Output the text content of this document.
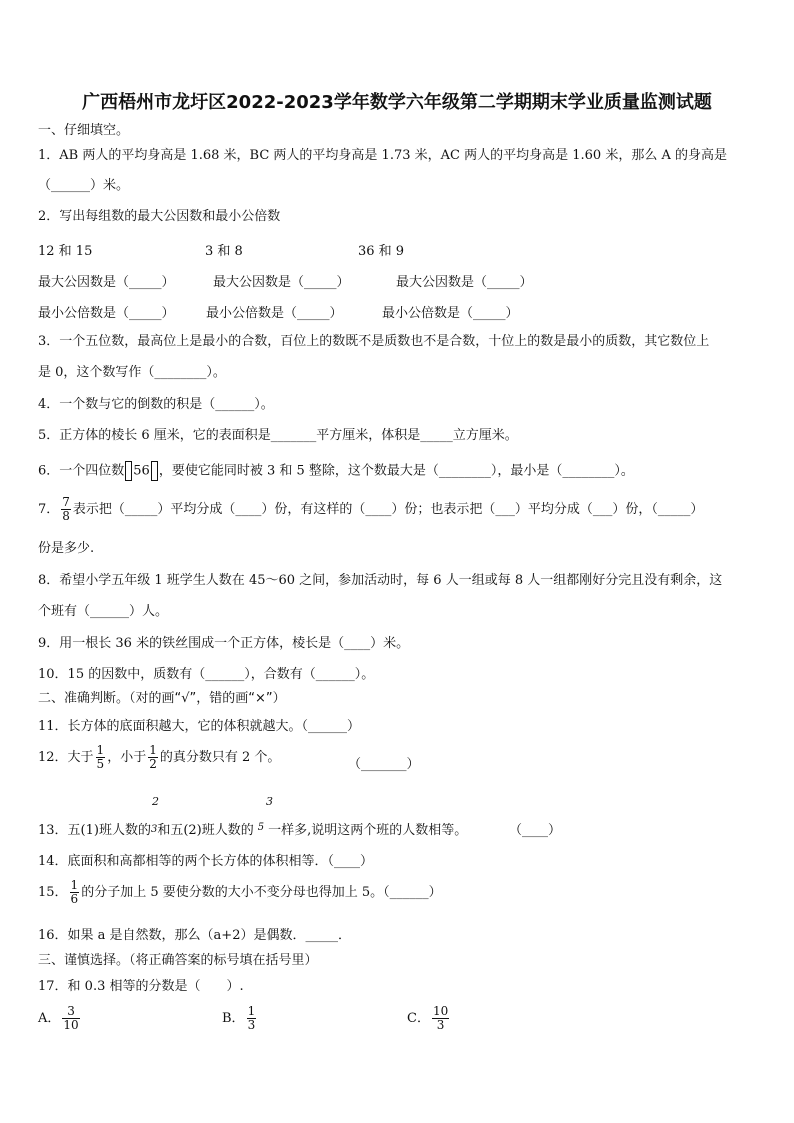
广西梧州市龙圩区2022-2023学年数学六年级第二学期期末学业质量监测试题
一、仔细填空。
1．AB 两人的平均身高是 1.68 米，BC 两人的平均身高是 1.73 米，AC 两人的平均身高是 1.60 米，那么 A 的身高是
（______）米。
2．写出每组数的最大公因数和最小公倍数
12 和 15	3 和 8	36 和 9
最大公因数是（_____）	最大公因数是（_____）	最大公因数是（_____）
最小公倍数是（_____） 最小公倍数是（_____）	最小公倍数是（_____）
3．一个五位数，最高位上是最小的合数，百位上的数既不是质数也不是合数，十位上的数是最小的质数，其它数位上
是 0，这个数写作（________）。
4．一个数与它的倒数的积是（______）。
5．正方体的棱长 6 厘米，它的表面积是_______平方厘米，体积是_____立方厘米。
6．一个四位数 56 ，要使它能同时被 3 和 5 整除，这个数最大是（________），最小是（________）。
7． $\frac{7}{8}$ 表示把（_____）平均分成（____）份，有这样的（____）份；也表示把（___）平均分成（___）份，（_____）
份是多少.
8．希望小学五年级 1 班学生人数在 45～60 之间，参加活动时，每 6 人一组或每 8 人一组都刚好分完且没有剩余，这
个班有（______）人。
9．用一根长 36 米的铁丝围成一个正方体，棱长是（____）米。
10．15 的因数中，质数有（______），合数有（______）。
二、准确判断。（对的画“√”，错的画“×”）
11．长方体的底面积越大，它的体积就越大。（______）
12．大于 $\frac{1}{5}$ ，小于 $\frac{1}{2}$ 的真分数只有 2 个。	（_______）
2	3
13．五(1)班人数的3和五(2)班人数的 $^5$ 一样多,说明这两个班的人数相等。	（____）
14．底面积和高都相等的两个长方体的体积相等．（____）
15． $\frac{1}{6}$ 的分子加上 5 要使分数的大小不变分母也得加上 5。（______）
16．如果 a 是自然数，那么（a+2）是偶数．_____．
三、谨慎选择。（将正确答案的标号填在括号里）
17．和 0.3 相等的分数是（　　）.
A． $\frac{3}{10}$	B． $\frac{1}{3}$	C． $\frac{10}{3}$
